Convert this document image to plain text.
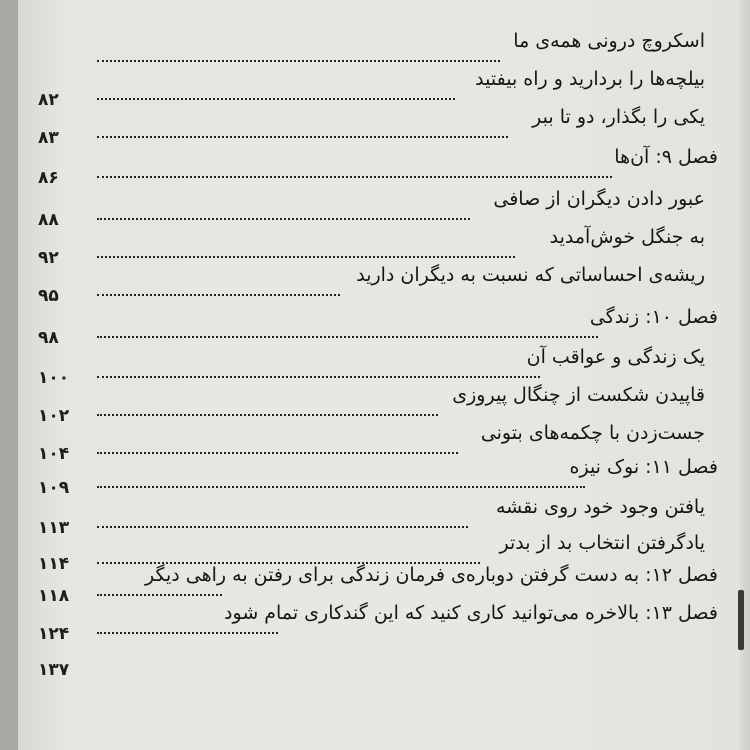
اسکروچ درونی همه‌ی ما
بیلچه‌ها را بردارید و راه بیفتید
۸۲
یکی را بگذار، دو تا ببر
۸۳
فصل ۹: آن‌ها
۸۶
عبور دادن دیگران از صافی
۸۸
به جنگل خوش‌آمدید
۹۲
ریشه‌ی احساساتی که نسبت به دیگران دارید
۹۵
فصل ۱۰: زندگی
۹۸
یک زندگی و عواقب آن
۱۰۰
قاپیدن شکست از چنگال پیروزی
۱۰۲
جست‌زدن با چکمه‌های بتونی
۱۰۴
فصل ۱۱: نوک نیزه
۱۰۹
یافتن وجود خود روی نقشه
۱۱۳
یادگرفتن انتخاب بد از بدتر
۱۱۴	فصل ۱۲: به دست گرفتن دوباره‌ی فرمان زندگی برای رفتن به راهی دیگر
۱۱۸
فصل ۱۳: بالاخره می‌توانید کاری کنید که این گندکاری تمام شود
۱۲۴
۱۳۷
